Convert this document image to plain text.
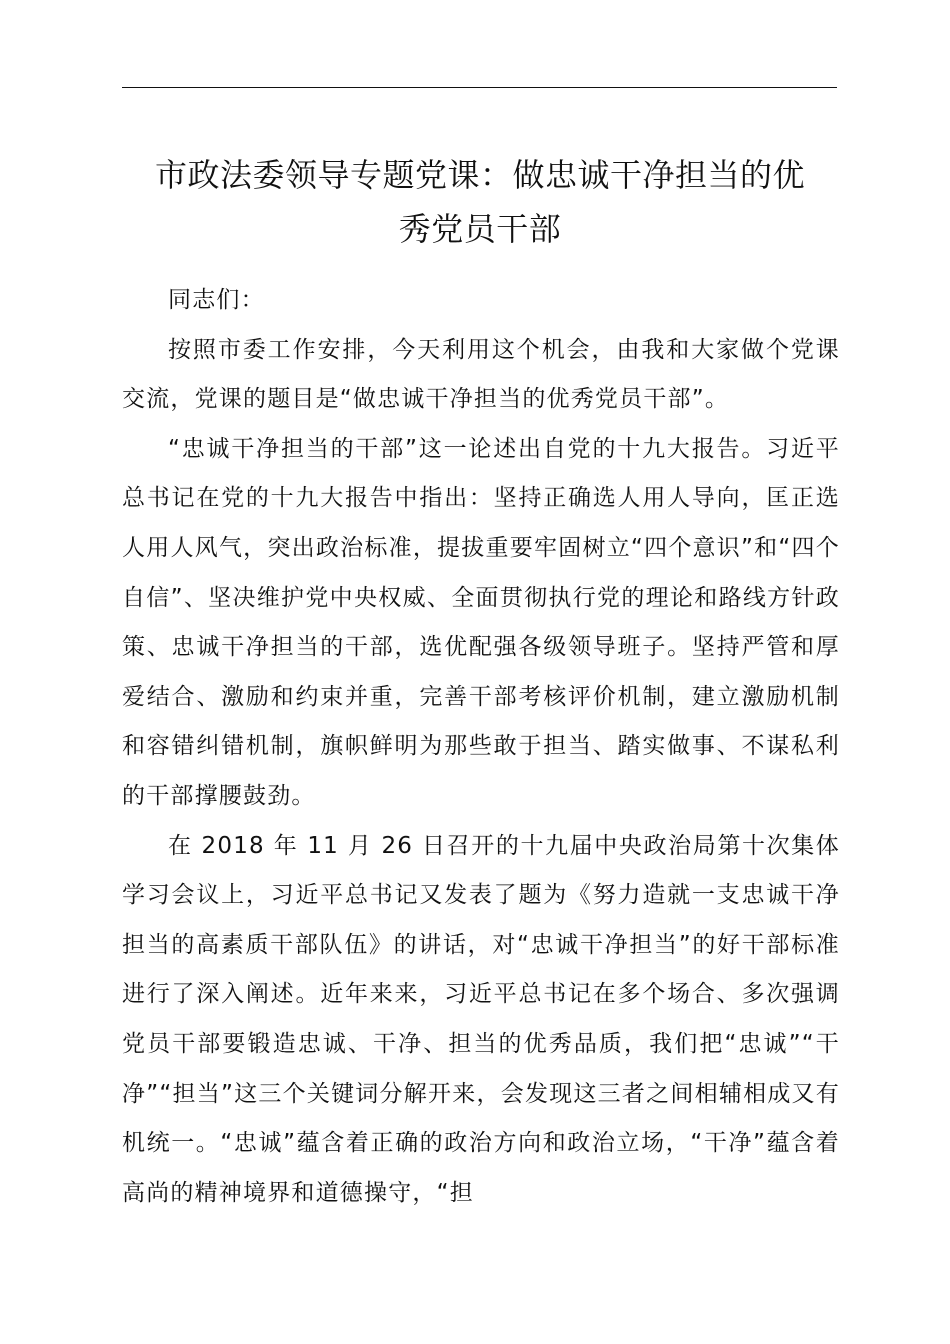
市政法委领导专题党课：做忠诚干净担当的优
秀党员干部

同志们：

按照市委工作安排，今天利用这个机会，由我和大家做个党课交流，党课的题目是“做忠诚干净担当的优秀党员干部”。

“忠诚干净担当的干部”这一论述出自党的十九大报告。习近平总书记在党的十九大报告中指出：坚持正确选人用人导向，匡正选人用人风气，突出政治标准，提拔重要牢固树立“四个意识”和“四个自信”、坚决维护党中央权威、全面贯彻执行党的理论和路线方针政策、忠诚干净担当的干部，选优配强各级领导班子。坚持严管和厚爱结合、激励和约束并重，完善干部考核评价机制，建立激励机制和容错纠错机制，旗帜鲜明为那些敢于担当、踏实做事、不谋私利的干部撑腰鼓劲。

在 2018 年 11 月 26 日召开的十九届中央政治局第十次集体学习会议上，习近平总书记又发表了题为《努力造就一支忠诚干净担当的高素质干部队伍》的讲话，对“忠诚干净担当”的好干部标准进行了深入阐述。近年来来，习近平总书记在多个场合、多次强调党员干部要锻造忠诚、干净、担当的优秀品质，我们把“忠诚”“干净”“担当”这三个关键词分解开来，会发现这三者之间相辅相成又有机统一。“忠诚”蕴含着正确的政治方向和政治立场，“干净”蕴含着高尚的精神境界和道德操守，“担
